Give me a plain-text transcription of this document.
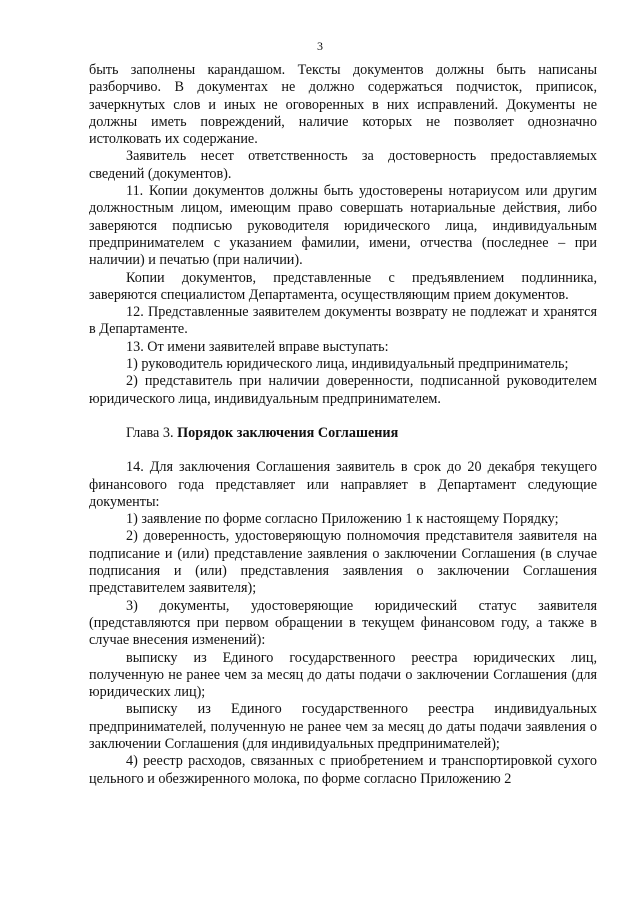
3

быть заполнены карандашом. Тексты документов должны быть написаны разборчиво. В документах не должно содержаться подчисток, приписок, зачеркнутых слов и иных не оговоренных в них исправлений. Документы не должны иметь повреждений, наличие которых не позволяет однозначно истолковать их содержание.

Заявитель несет ответственность за достоверность предоставляемых сведений (документов).

11. Копии документов должны быть удостоверены нотариусом или другим должностным лицом, имеющим право совершать нотариальные действия, либо заверяются подписью руководителя юридического лица, индивидуальным предпринимателем с указанием фамилии, имени, отчества (последнее – при наличии) и печатью (при наличии).

Копии документов, представленные с предъявлением подлинника, заверяются специалистом Департамента, осуществляющим прием документов.

12. Представленные заявителем документы возврату не подлежат и хранятся в Департаменте.

13. От имени заявителей вправе выступать:

1) руководитель юридического лица, индивидуальный предприниматель;

2) представитель при наличии доверенности, подписанной руководителем юридического лица, индивидуальным предпринимателем.

Глава 3. Порядок заключения Соглашения

14. Для заключения Соглашения заявитель в срок до 20 декабря текущего финансового года представляет или направляет в Департамент следующие документы:

1) заявление по форме согласно Приложению 1 к настоящему Порядку;

2) доверенность, удостоверяющую полномочия представителя заявителя на подписание и (или) представление заявления о заключении Соглашения (в случае подписания и (или) представления заявления о заключении Соглашения представителем заявителя);

3) документы, удостоверяющие юридический статус заявителя (представляются при первом обращении в текущем финансовом году, а также в случае внесения изменений):

выписку из Единого государственного реестра юридических лиц, полученную не ранее чем за месяц до даты подачи о заключении Соглашения (для юридических лиц);

выписку из Единого государственного реестра индивидуальных предпринимателей, полученную не ранее чем за месяц до даты подачи заявления о заключении Соглашения (для индивидуальных предпринимателей);

4) реестр расходов, связанных с приобретением и транспортировкой сухого цельного и обезжиренного молока, по форме согласно Приложению 2
